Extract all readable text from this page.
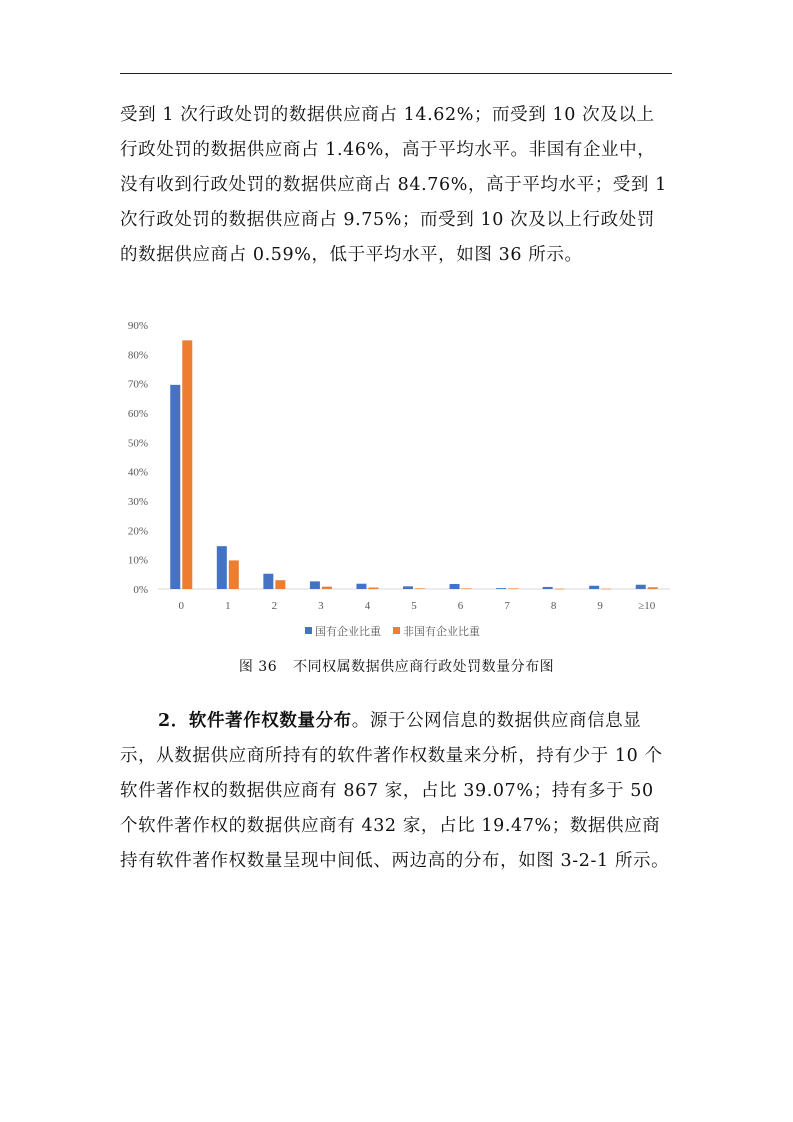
受到 1 次行政处罚的数据供应商占 14.62%；而受到 10 次及以上行政处罚的数据供应商占 1.46%，高于平均水平。非国有企业中，没有收到行政处罚的数据供应商占 84.76%，高于平均水平；受到 1 次行政处罚的数据供应商占 9.75%；而受到 10 次及以上行政处罚的数据供应商占 0.59%，低于平均水平，如图 36 所示。

0%
10%
20%
30%
40%
50%
60%
70%
80%
90%
0	1	2	3	4	5	6	7	8	9	≥10
国有企业比重 非国有企业比重
图 36 不同权属数据供应商行政处罚数量分布图

2．软件著作权数量分布。源于公网信息的数据供应商信息显示，从数据供应商所持有的软件著作权数量来分析，持有少于 10 个软件著作权的数据供应商有 867 家，占比 39.07%；持有多于 50 个软件著作权的数据供应商有 432 家，占比 19.47%；数据供应商持有软件著作权数量呈现中间低、两边高的分布，如图 3-2-1 所示。
